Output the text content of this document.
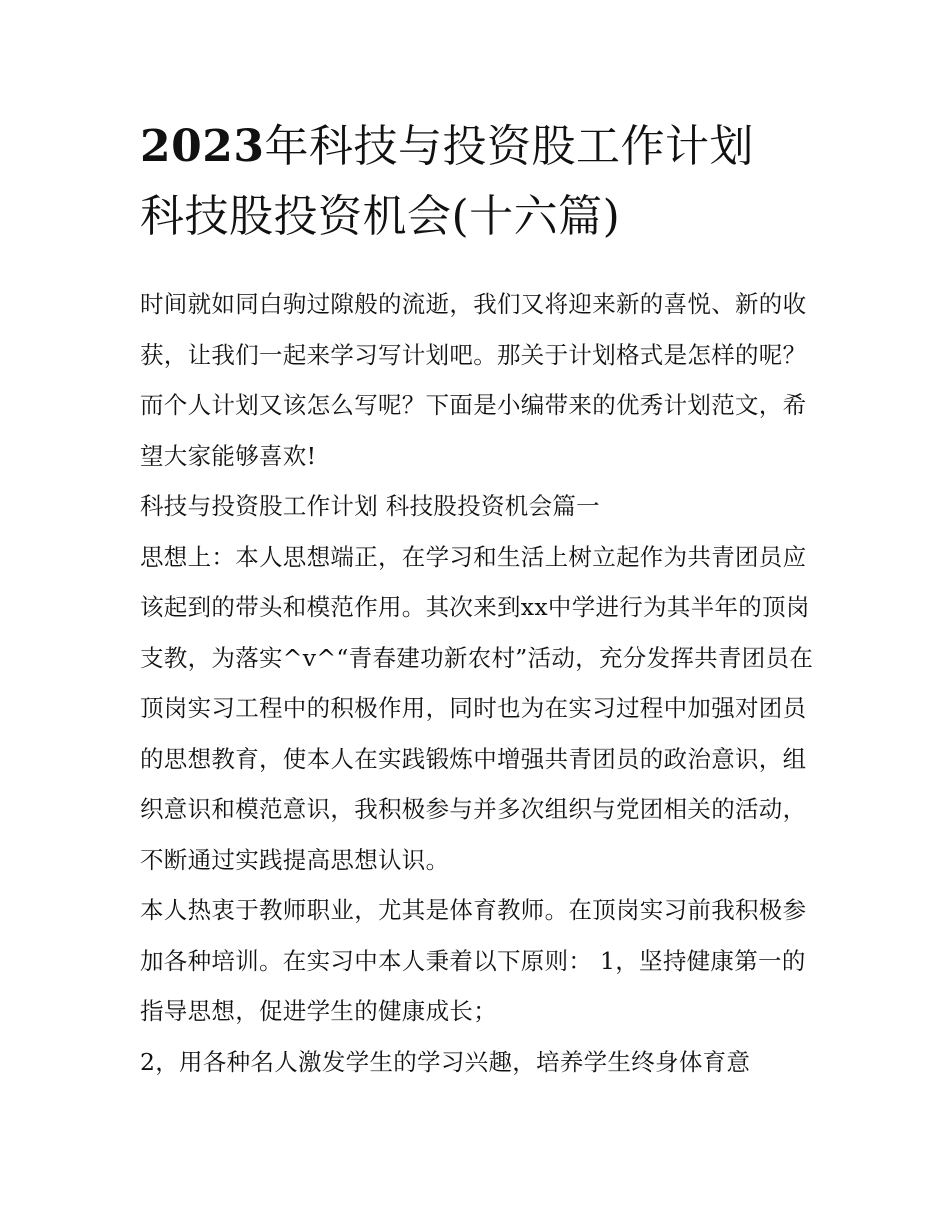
2023年科技与投资股工作计划
科技股投资机会(十六篇)

时间就如同白驹过隙般的流逝，我们又将迎来新的喜悦、新的收获，让我们一起来学习写计划吧。那关于计划格式是怎样的呢？而个人计划又该怎么写呢？下面是小编带来的优秀计划范文，希望大家能够喜欢!

科技与投资股工作计划 科技股投资机会篇一

思想上：本人思想端正，在学习和生活上树立起作为共青团员应该起到的带头和模范作用。其次来到xx中学进行为其半年的顶岗支教，为落实^v^“青春建功新农村”活动，充分发挥共青团员在顶岗实习工程中的积极作用，同时也为在实习过程中加强对团员的思想教育，使本人在实践锻炼中增强共青团员的政治意识，组织意识和模范意识，我积极参与并多次组织与党团相关的活动，不断通过实践提高思想认识。

本人热衷于教师职业，尤其是体育教师。在顶岗实习前我积极参加各种培训。在实习中本人秉着以下原则： 1，坚持健康第一的指导思想，促进学生的健康成长；

2，用各种名人激发学生的学习兴趣，培养学生终身体育意
